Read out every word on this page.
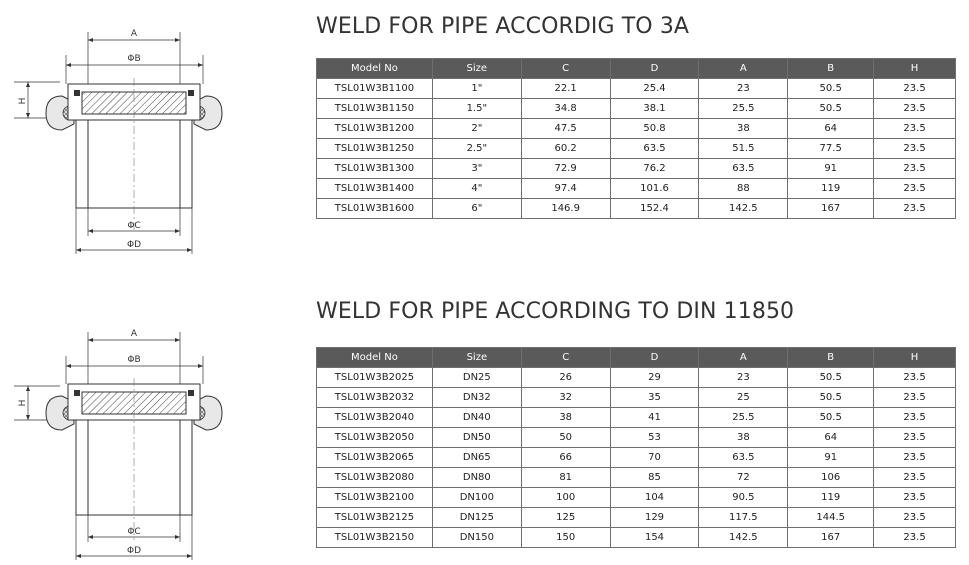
A
ΦB
H
ΦC
ΦD
WELD FOR PIPE ACCORDIG TO 3A
Model No	Size	C	D	A	B	H
TSL01W3B1100	1"	22.1	25.4	23	50.5	23.5
TSL01W3B1150	1.5"	34.8	38.1	25.5	50.5	23.5
TSL01W3B1200	2"	47.5	50.8	38	64	23.5
TSL01W3B1250	2.5"	60.2	63.5	51.5	77.5	23.5
TSL01W3B1300	3"	72.9	76.2	63.5	91	23.5
TSL01W3B1400	4"	97.4	101.6	88	119	23.5
TSL01W3B1600	6"	146.9	152.4	142.5	167	23.5
A
ΦB
H
ΦC
ΦD
WELD FOR PIPE ACCORDING TO DIN 11850
Model No	Size	C	D	A	B	H
TSL01W3B2025	DN25	26	29	23	50.5	23.5
TSL01W3B2032	DN32	32	35	25	50.5	23.5
TSL01W3B2040	DN40	38	41	25.5	50.5	23.5
TSL01W3B2050	DN50	50	53	38	64	23.5
TSL01W3B2065	DN65	66	70	63.5	91	23.5
TSL01W3B2080	DN80	81	85	72	106	23.5
TSL01W3B2100	DN100	100	104	90.5	119	23.5
TSL01W3B2125	DN125	125	129	117.5	144.5	23.5
TSL01W3B2150	DN150	150	154	142.5	167	23.5
